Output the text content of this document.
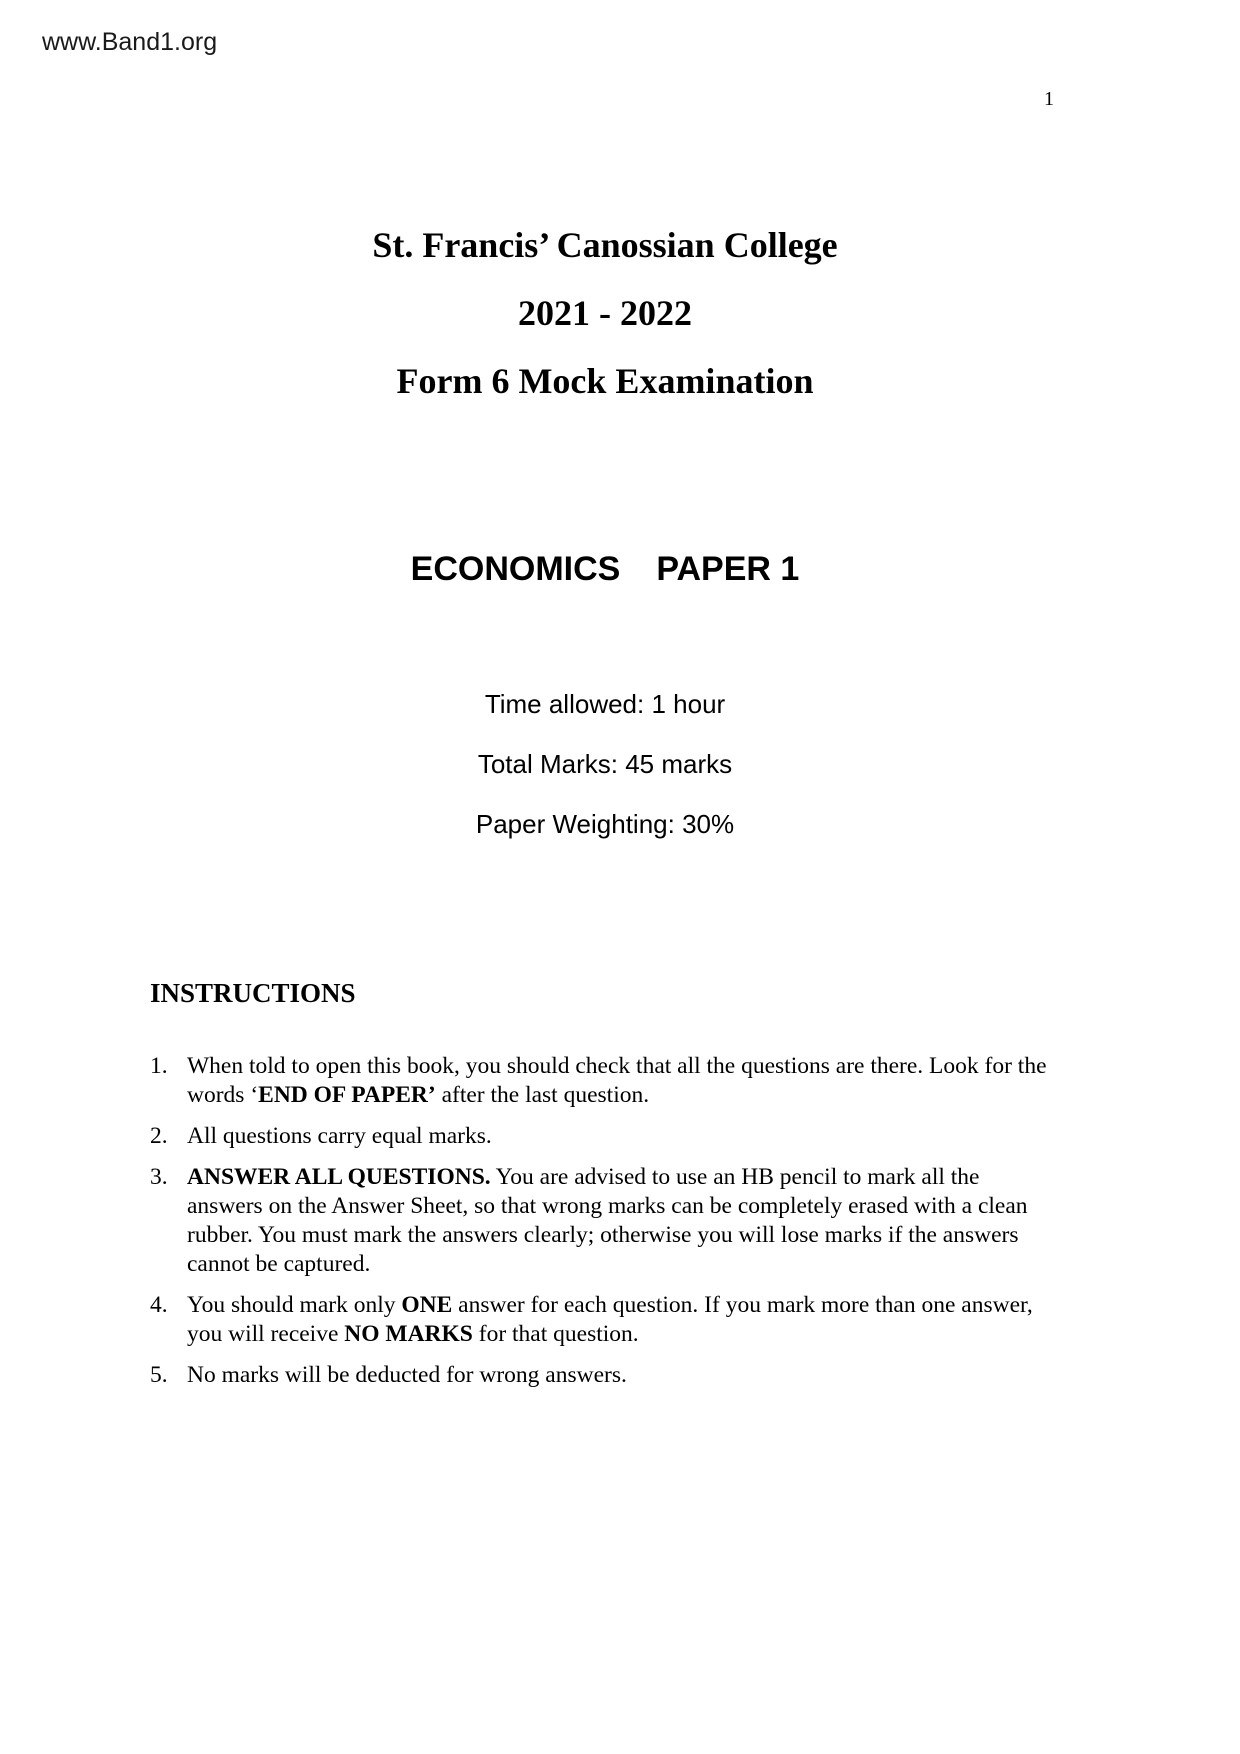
www.Band1.org
1
St. Francis’ Canossian College
2021 - 2022
Form 6 Mock Examination
ECONOMICS PAPER 1
Time allowed: 1 hour
Total Marks: 45 marks
Paper Weighting: 30%
INSTRUCTIONS
1. When told to open this book, you should check that all the questions are there. Look for the words ‘END OF PAPER’ after the last question.
2. All questions carry equal marks.
3. ANSWER ALL QUESTIONS. You are advised to use an HB pencil to mark all the answers on the Answer Sheet, so that wrong marks can be completely erased with a clean rubber. You must mark the answers clearly; otherwise you will lose marks if the answers cannot be captured.
4. You should mark only ONE answer for each question. If you mark more than one answer, you will receive NO MARKS for that question.
5. No marks will be deducted for wrong answers.
